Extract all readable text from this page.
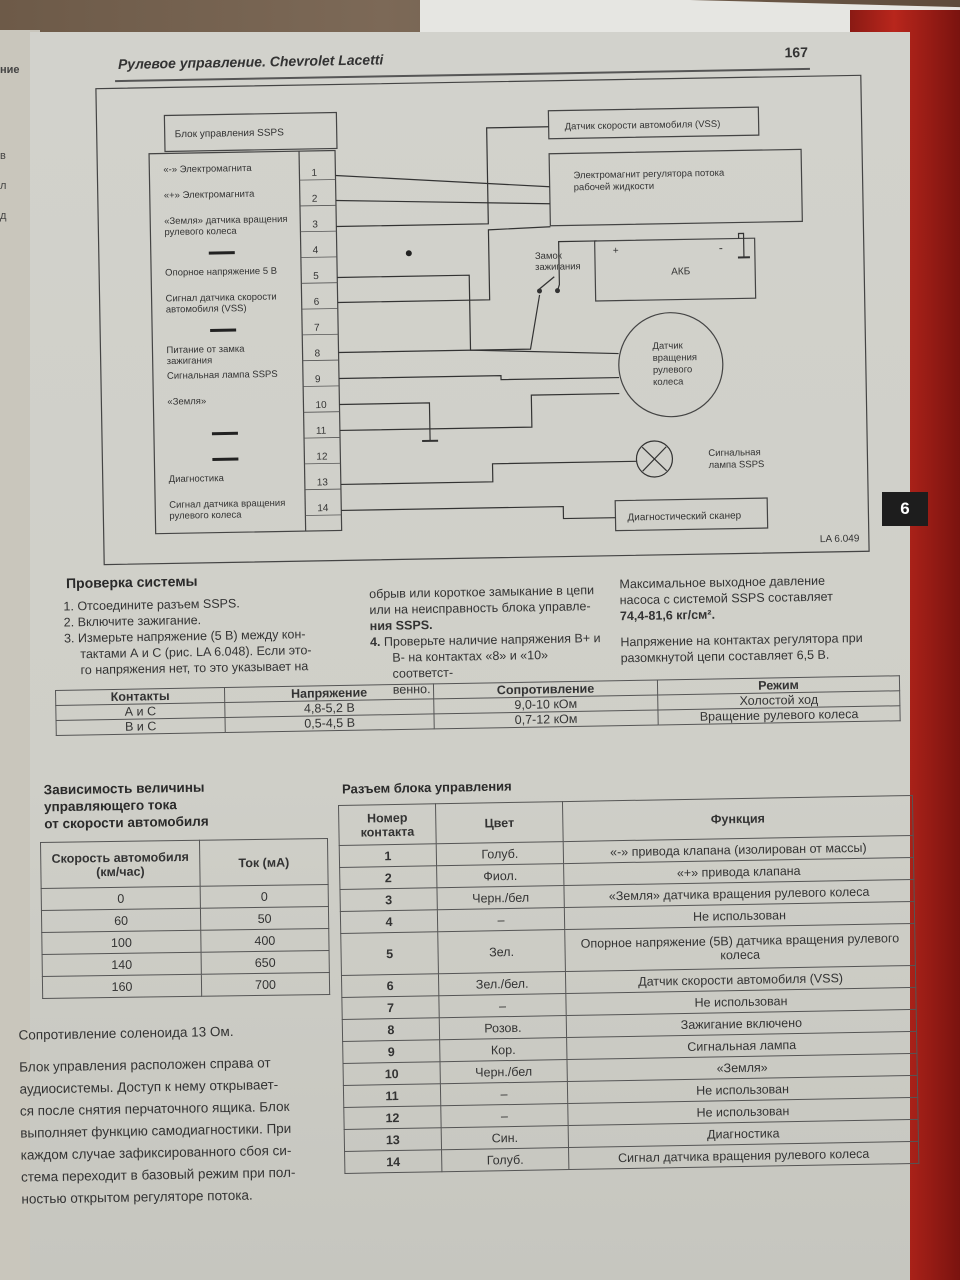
ние
в
л
д
Рулевое управление. Chevrolet Lacetti	167
6
Блок управления SSPS
1
«-» Электромагнита
2
«+» Электромагнита
3
«Земля» датчика вращениярулевого колеса
4
5
Опорное напряжение 5 В
6
Сигнал датчика скоростиавтомобиля (VSS)
7
8
Питание от замказажигания
9
Сигнальная лампа SSPS
10
«Земля»
11
12
13
Диагностика
14
Сигнал датчика вращениярулевого колеса
Датчик скорости автомобиля (VSS)
Электромагнит регулятора потокарабочей жидкости
Замокзажигания	АКБ
+	-
Датчиквращениярулевогоколеса
Сигнальнаялампа SSPS
Диагностический сканер
LA 6.049
Проверка системы
1. Отсоедините разъем SSPS.
2. Включите зажигание.
3. Измерьте напряжение (5 В) между кон-
тактами А и С (рис. LA 6.048). Если это-
го напряжения нет, то это указывает на
обрыв или короткое замыкание в цепи
или на неисправность блока управле-
ния SSPS.
4. Проверьте наличие напряжения В+ и
В- на контактах «8» и «10» соответст-
венно.
Максимальное выходное давление
насоса с системой SSPS составляет
74,4-81,6 кг/см².
Напряжение на контактах регулятора при
разомкнутой цепи составляет 6,5 В.
Контакты	Напряжение	Сопротивление	Режим
А и С	4,8-5,2 В	9,0-10 кОм	Холостой ход
В и С	0,5-4,5 В	0,7-12 кОм	Вращение рулевого колеса
Зависимость величины
управляющего тока
от скорости автомобиля
Скорость автомобиля (км/час)	Ток (мА)
0	0
60	50
100	400
140	650
160	700
Разъем блока управления
Номер контакта	Цвет	Функция
1	Голуб.	«-» привода клапана (изолирован от массы)
2	Фиол.	«+» привода клапана
3	Черн./бел	«Земля» датчика вращения рулевого колеса
4	–	Не использован
5	Зел.	Опорное напряжение (5В) датчика вращения рулевого колеса
6	Зел./бел.	Датчик скорости автомобиля (VSS)
7	–	Не использован
8	Розов.	Зажигание включено
9	Кор.	Сигнальная лампа
10	Черн./бел	«Земля»
11	–	Не использован
12	–	Не использован
13	Син.	Диагностика
14	Голуб.	Сигнал датчика вращения рулевого колеса
Сопротивление соленоида 13 Ом.
Блок управления расположен справа от
аудиосистемы. Доступ к нему открывает-
ся после снятия перчаточного ящика. Блок
выполняет функцию самодиагностики. При
каждом случае зафиксированного сбоя си-
стема переходит в базовый режим при пол-
ностью открытом регуляторе потока.
